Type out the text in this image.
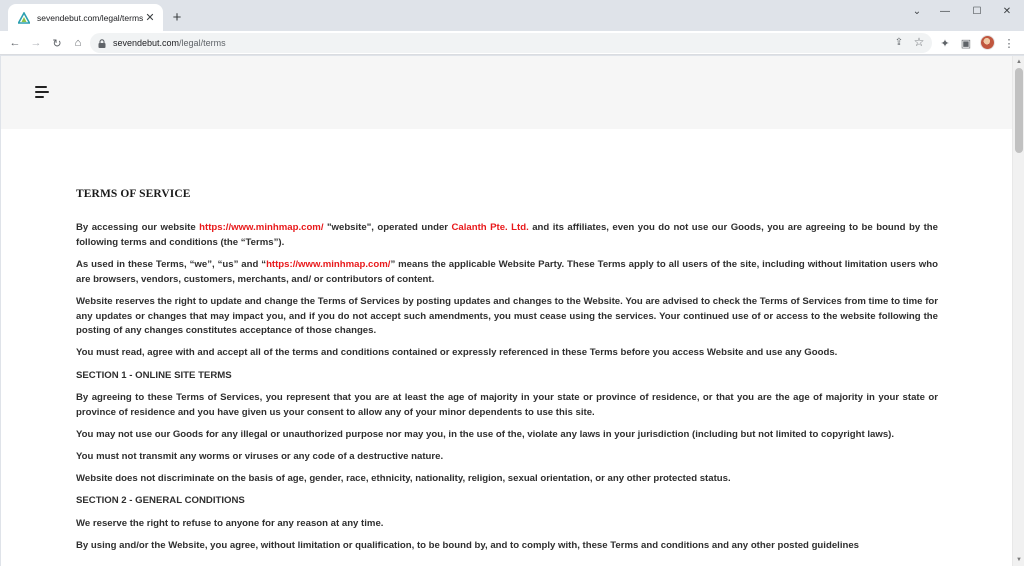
sevendebut.com/legal/terms ✕	+	⌄	—	☐	✕
← → ↻	⌂	sevendebut.com/legal/terms	⇪ ☆	✦	▣	⋮
TERMS OF SERVICE

By accessing our website https://www.minhmap.com/ "website", operated under Calanth Pte. Ltd. and its affiliates, even you do not use our Goods, you are agreeing to be bound by the following terms and conditions (the “Terms”).

As used in these Terms, “we”, “us” and “https://www.minhmap.com/” means the applicable Website Party. These Terms apply to all users of the site, including without limitation users who are browsers, vendors, customers, merchants, and/ or contributors of content.

Website reserves the right to update and change the Terms of Services by posting updates and changes to the Website. You are advised to check the Terms of Services from time to time for any updates or changes that may impact you, and if you do not accept such amendments, you must cease using the services. Your continued use of or access to the website following the posting of any changes constitutes acceptance of those changes.

You must read, agree with and accept all of the terms and conditions contained or expressly referenced in these Terms before you access Website and use any Goods.

SECTION 1 - ONLINE SITE TERMS

By agreeing to these Terms of Services, you represent that you are at least the age of majority in your state or province of residence, or that you are the age of majority in your state or province of residence and you have given us your consent to allow any of your minor dependents to use this site.

You may not use our Goods for any illegal or unauthorized purpose nor may you, in the use of the, violate any laws in your jurisdiction (including but not limited to copyright laws).

You must not transmit any worms or viruses or any code of a destructive nature.

Website does not discriminate on the basis of age, gender, race, ethnicity, nationality, religion, sexual orientation, or any other protected status.

SECTION 2 - GENERAL CONDITIONS

We reserve the right to refuse to anyone for any reason at any time.

By using and/or the Website, you agree, without limitation or qualification, to be bound by, and to comply with, these Terms and conditions and any other posted guidelines

▲
▼
